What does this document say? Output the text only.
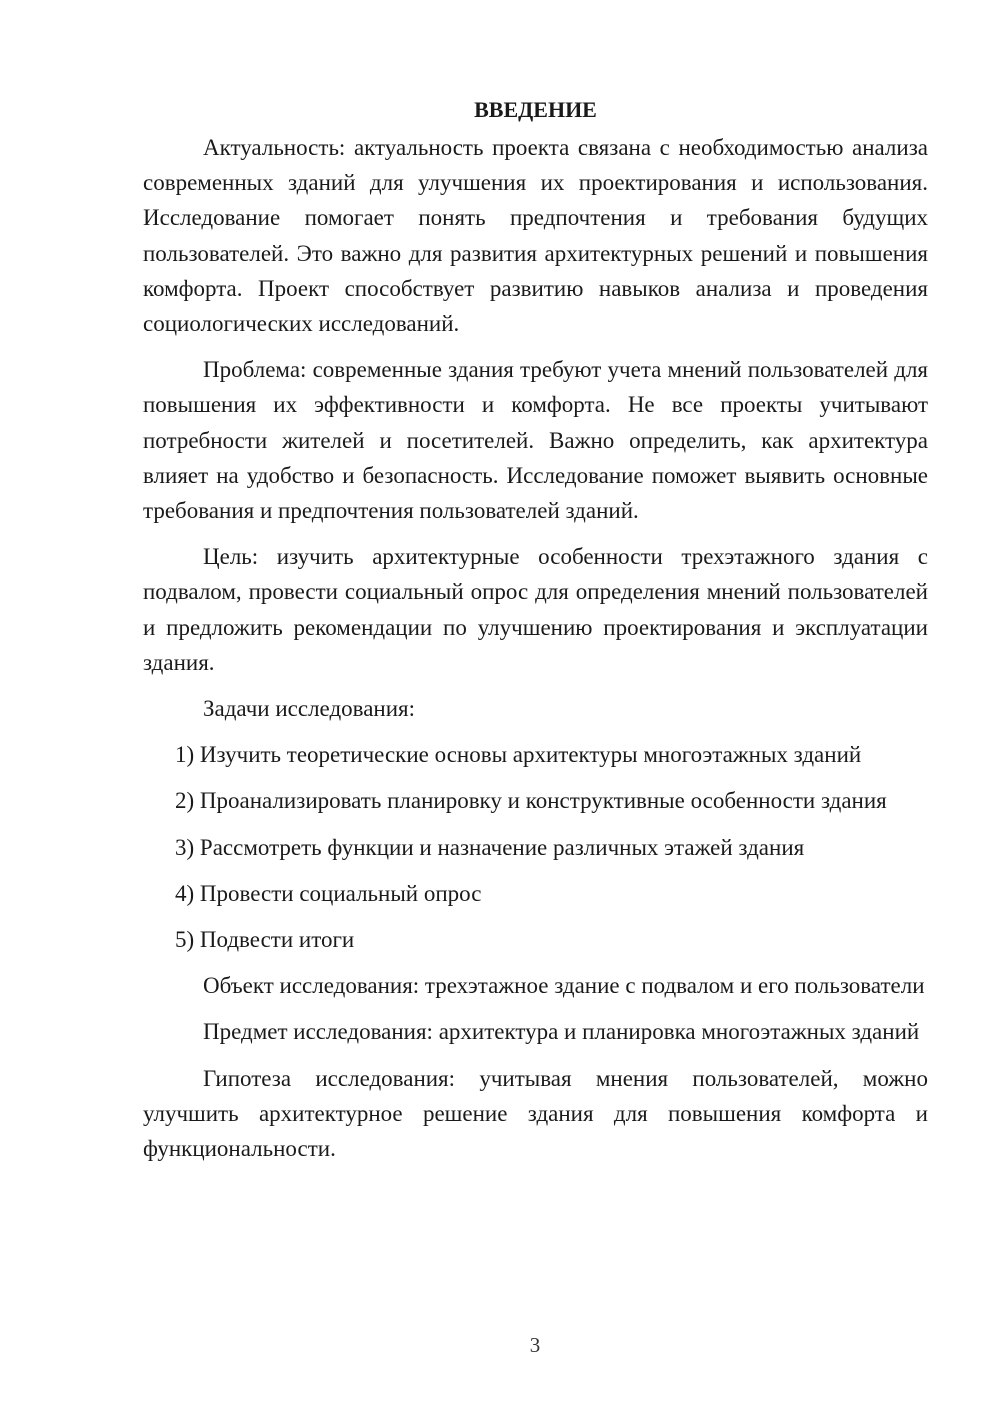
ВВЕДЕНИЕ

Актуальность: актуальность проекта связана с необходимостью анализа современных зданий для улучшения их проектирования и использования. Исследование помогает понять предпочтения и требования будущих пользователей. Это важно для развития архитектурных решений и повышения комфорта. Проект способствует развитию навыков анализа и проведения социологических исследований.

Проблема: современные здания требуют учета мнений пользователей для повышения их эффективности и комфорта. Не все проекты учитывают потребности жителей и посетителей. Важно определить, как архитектура влияет на удобство и безопасность. Исследование поможет выявить основные требования и предпочтения пользователей зданий.

Цель: изучить архитектурные особенности трехэтажного здания с подвалом, провести социальный опрос для определения мнений пользователей и предложить рекомендации по улучшению проектирования и эксплуатации здания.

Задачи исследования:

1) Изучить теоретические основы архитектуры многоэтажных зданий

2) Проанализировать планировку и конструктивные особенности здания

3) Рассмотреть функции и назначение различных этажей здания

4) Провести социальный опрос

5) Подвести итоги

Объект исследования: трехэтажное здание с подвалом и его пользователи

Предмет исследования: архитектура и планировка многоэтажных зданий

Гипотеза исследования: учитывая мнения пользователей, можно улучшить архитектурное решение здания для повышения комфорта и функциональности.

3
